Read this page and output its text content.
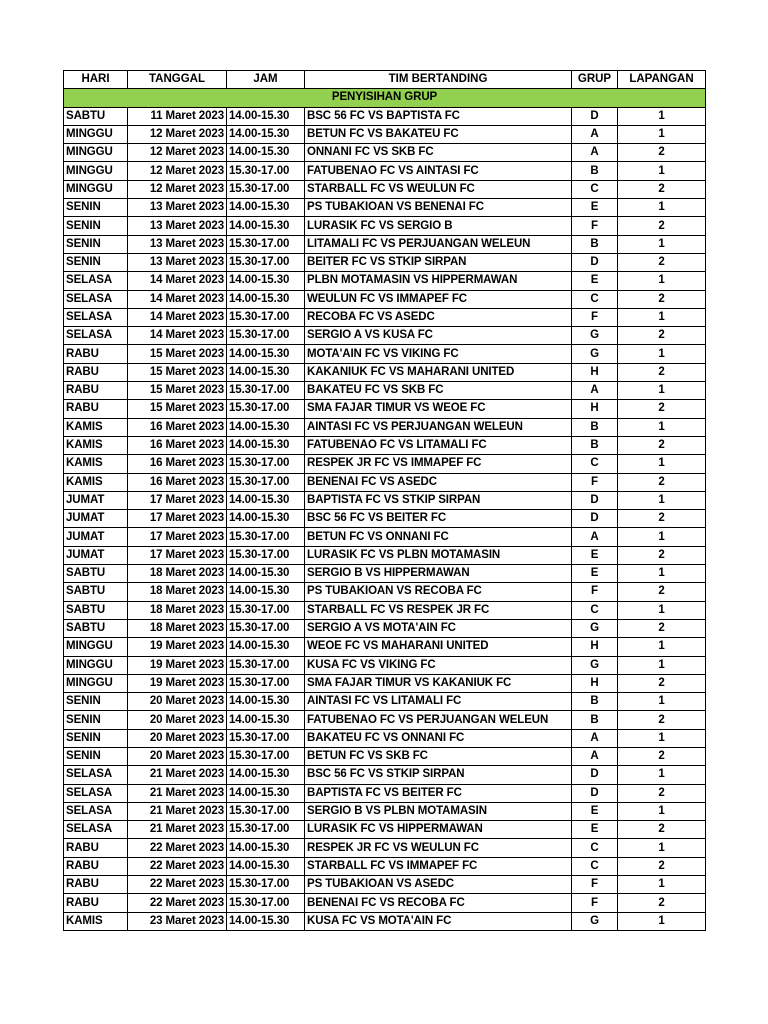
HARI	TANGGAL	JAM	TIM BERTANDING	GRUP	LAPANGAN
PENYISIHAN GRUP					
SABTU	11 Maret 2023	14.00-15.30	BSC 56 FC VS BAPTISTA FC	D	1
MINGGU	12 Maret 2023	14.00-15.30	BETUN FC VS BAKATEU FC	A	1
MINGGU	12 Maret 2023	14.00-15.30	ONNANI FC VS SKB FC	A	2
MINGGU	12 Maret 2023	15.30-17.00	FATUBENAO FC VS AINTASI FC	B	1
MINGGU	12 Maret 2023	15.30-17.00	STARBALL FC VS WEULUN FC	C	2
SENIN	13 Maret 2023	14.00-15.30	PS TUBAKIOAN VS BENENAI FC	E	1
SENIN	13 Maret 2023	14.00-15.30	LURASIK FC VS SERGIO B	F	2
SENIN	13 Maret 2023	15.30-17.00	LITAMALI FC VS PERJUANGAN WELEUN	B	1
SENIN	13 Maret 2023	15.30-17.00	BEITER FC VS STKIP SIRPAN	D	2
SELASA	14 Maret 2023	14.00-15.30	PLBN MOTAMASIN VS HIPPERMAWAN	E	1
SELASA	14 Maret 2023	14.00-15.30	WEULUN FC VS IMMAPEF FC	C	2
SELASA	14 Maret 2023	15.30-17.00	RECOBA FC VS ASEDC	F	1
SELASA	14 Maret 2023	15.30-17.00	SERGIO A VS KUSA FC	G	2
RABU	15 Maret 2023	14.00-15.30	MOTA'AIN FC VS VIKING FC	G	1
RABU	15 Maret 2023	14.00-15.30	KAKANIUK FC VS MAHARANI UNITED	H	2
RABU	15 Maret 2023	15.30-17.00	BAKATEU FC VS SKB FC	A	1
RABU	15 Maret 2023	15.30-17.00	SMA FAJAR TIMUR VS WEOE FC	H	2
KAMIS	16 Maret 2023	14.00-15.30	AINTASI FC VS PERJUANGAN WELEUN	B	1
KAMIS	16 Maret 2023	14.00-15.30	FATUBENAO FC VS LITAMALI FC	B	2
KAMIS	16 Maret 2023	15.30-17.00	RESPEK JR FC VS IMMAPEF FC	C	1
KAMIS	16 Maret 2023	15.30-17.00	BENENAI FC VS ASEDC	F	2
JUMAT	17 Maret 2023	14.00-15.30	BAPTISTA FC VS STKIP SIRPAN	D	1
JUMAT	17 Maret 2023	14.00-15.30	BSC 56 FC VS BEITER FC	D	2
JUMAT	17 Maret 2023	15.30-17.00	BETUN FC VS ONNANI FC	A	1
JUMAT	17 Maret 2023	15.30-17.00	LURASIK FC VS PLBN MOTAMASIN	E	2
SABTU	18 Maret 2023	14.00-15.30	SERGIO B VS HIPPERMAWAN	E	1
SABTU	18 Maret 2023	14.00-15.30	PS TUBAKIOAN VS RECOBA FC	F	2
SABTU	18 Maret 2023	15.30-17.00	STARBALL FC VS RESPEK JR FC	C	1
SABTU	18 Maret 2023	15.30-17.00	SERGIO A VS MOTA'AIN FC	G	2
MINGGU	19 Maret 2023	14.00-15.30	WEOE FC VS MAHARANI UNITED	H	1
MINGGU	19 Maret 2023	15.30-17.00	KUSA FC VS VIKING FC	G	1
MINGGU	19 Maret 2023	15.30-17.00	SMA FAJAR TIMUR VS KAKANIUK FC	H	2
SENIN	20 Maret 2023	14.00-15.30	AINTASI FC VS LITAMALI FC	B	1
SENIN	20 Maret 2023	14.00-15.30	FATUBENAO FC VS PERJUANGAN WELEUN	B	2
SENIN	20 Maret 2023	15.30-17.00	BAKATEU FC VS ONNANI FC	A	1
SENIN	20 Maret 2023	15.30-17.00	BETUN FC VS SKB FC	A	2
SELASA	21 Maret 2023	14.00-15.30	BSC 56 FC VS STKIP SIRPAN	D	1
SELASA	21 Maret 2023	14.00-15.30	BAPTISTA FC VS BEITER FC	D	2
SELASA	21 Maret 2023	15.30-17.00	SERGIO B VS PLBN MOTAMASIN	E	1
SELASA	21 Maret 2023	15.30-17.00	LURASIK FC VS HIPPERMAWAN	E	2
RABU	22 Maret 2023	14.00-15.30	RESPEK JR FC VS WEULUN FC	C	1
RABU	22 Maret 2023	14.00-15.30	STARBALL FC VS IMMAPEF FC	C	2
RABU	22 Maret 2023	15.30-17.00	PS TUBAKIOAN VS ASEDC	F	1
RABU	22 Maret 2023	15.30-17.00	BENENAI FC VS RECOBA FC	F	2
KAMIS	23 Maret 2023	14.00-15.30	KUSA FC VS MOTA'AIN FC	G	1
